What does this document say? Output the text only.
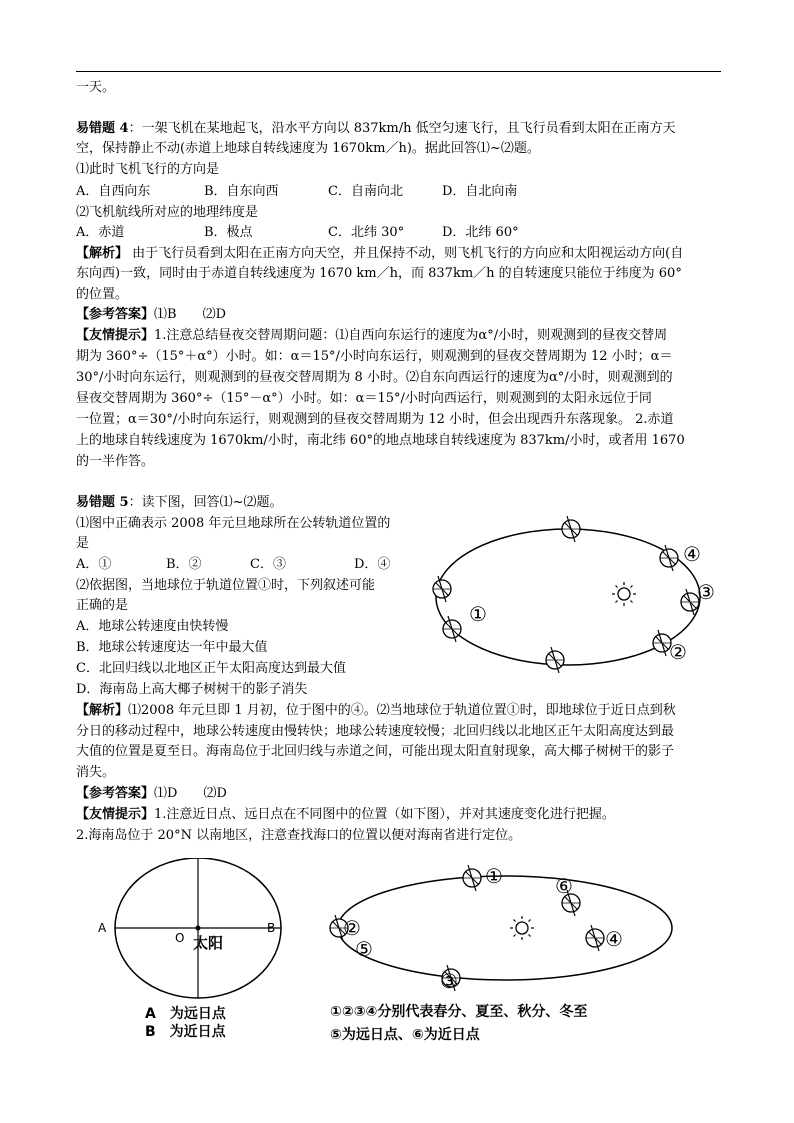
一天。
易错题 4：一架飞机在某地起飞，沿水平方向以 837km/h 低空匀速飞行，且飞行员看到太阳在正南方天
空，保持静止不动(赤道上地球自转线速度为 1670km／h)。据此回答⑴~⑵题。
⑴此时飞机飞行的方向是
A．自西向东	B．自东向西	C．自南向北	D．自北向南
⑵飞机航线所对应的地理纬度是
A．赤道	B．极点	C．北纬 30°	D．北纬 60°
【解析】 由于飞行员看到太阳在正南方向天空，并且保持不动，则飞机飞行的方向应和太阳视运动方向(自
东向西)一致，同时由于赤道自转线速度为 1670 km／h，而 837km／h 的自转速度只能位于纬度为 60°
的位置。
【参考答案】⑴B　　⑵D
【友情提示】1.注意总结昼夜交替周期问题：⑴自西向东运行的速度为α°/小时，则观测到的昼夜交替周
期为 360°÷（15°＋α°）小时。如：α＝15°/小时向东运行，则观测到的昼夜交替周期为 12 小时；α＝
30°/小时向东运行，则观测到的昼夜交替周期为 8 小时。⑵自东向西运行的速度为α°/小时，则观测到的
昼夜交替周期为 360°÷（15°－α°）小时。如：α＝15°/小时向西运行，则观测到的太阳永远位于同
一位置；α＝30°/小时向东运行，则观测到的昼夜交替周期为 12 小时，但会出现西升东落现象。 2.赤道
上的地球自转线速度为 1670km/小时，南北纬 60°的地点地球自转线速度为 837km/小时，或者用 1670
的一半作答。
易错题 5：读下图，回答⑴~⑵题。
⑴图中正确表示 2008 年元旦地球所在公转轨道位置的
是
A．①	B．②	C．③	D．④
⑵依据图，当地球位于轨道位置①时，下列叙述可能
正确的是
A．地球公转速度由快转慢
B．地球公转速度达一年中最大值
C．北回归线以北地区正午太阳高度达到最大值
D．海南岛上高大椰子树树干的影子消失
【解析】⑴2008 年元旦即 1 月初，位于图中的④。⑵当地球位于轨道位置①时，即地球位于近日点到秋
分日的移动过程中，地球公转速度由慢转快；地球公转速度较慢；北回归线以北地区正午太阳高度达到最
大值的位置是夏至日。海南岛位于北回归线与赤道之间，可能出现太阳直射现象，高大椰子树树干的影子
消失。
【参考答案】⑴D　　⑵D
【友情提示】1.注意近日点、远日点在不同图中的位置（如下图），并对其速度变化进行把握。
2.海南岛位于 20°N 以南地区，注意查找海口的位置以便对海南省进行定位。
①
②
③
④
A	B
O 太阳
A　为远日点
B　为近日点
①
②
③
④
⑤
⑥
①②③④分别代表春分、夏至、秋分、冬至
⑤为远日点、⑥为近日点
